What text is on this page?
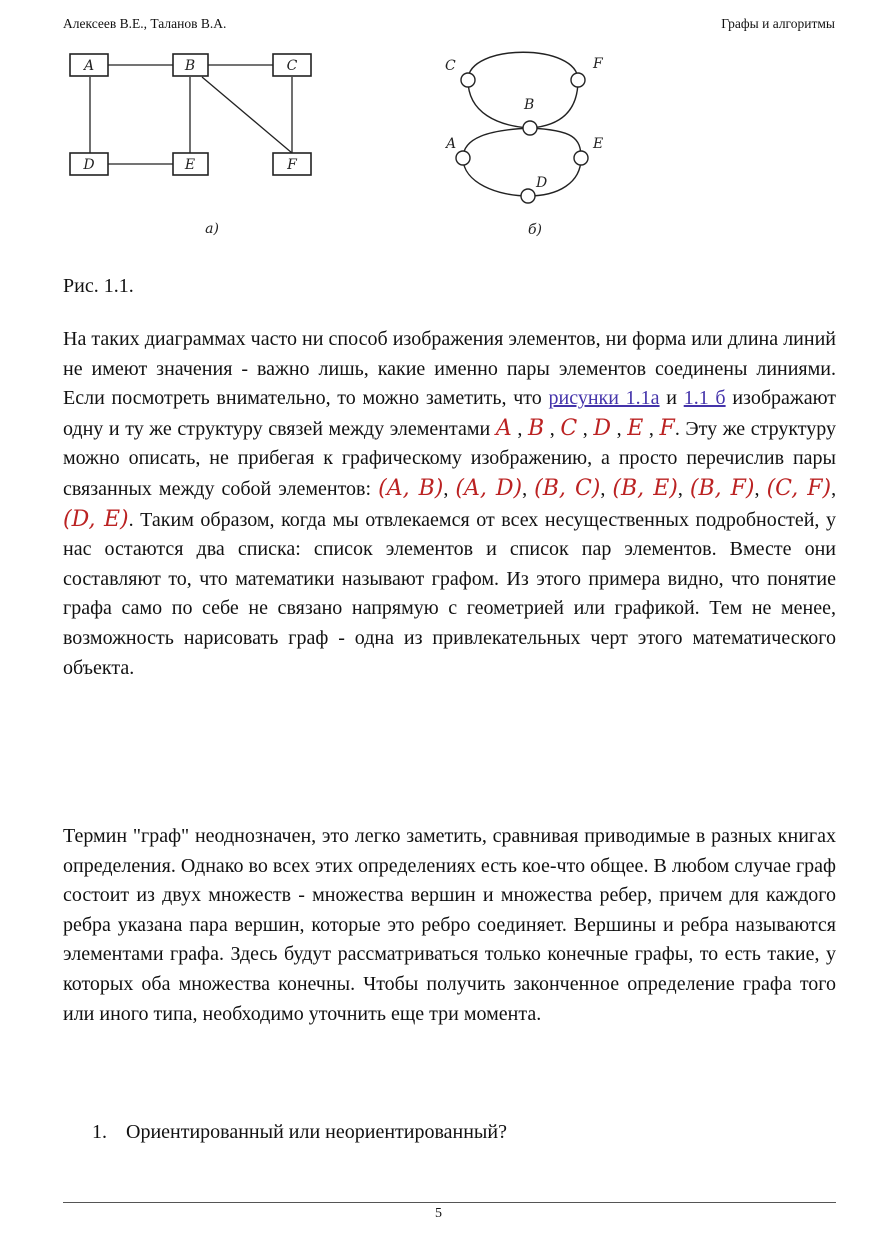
Алексеев В.Е., Таланов В.А.	Графы и алгоритмы
A	B	C
D	E	F
а)
C	F
B
A	E
D
б)
Рис. 1.1.

На таких диаграммах часто ни способ изображения элементов, ни форма или длина линий не имеют значения - важно лишь, какие именно пары элементов соединены линиями. Если посмотреть внимательно, то можно заметить, что рисунки 1.1а и 1.1 б изображают одну и ту же структуру связей между элементами A , B , C , D , E , F. Эту же структуру можно описать, не прибегая к графическому изображению, а просто перечислив пары связанных между собой элементов: (A, B), (A, D), (B, C), (B, E), (B, F), (C, F), (D, E). Таким образом, когда мы отвлекаемся от всех несущественных подробностей, у нас остаются два списка: список элементов и список пар элементов. Вместе они составляют то, что математики называют графом. Из этого примера видно, что понятие графа само по себе не связано напрямую с геометрией или графикой. Тем не менее, возможность нарисовать граф - одна из привлекательных черт этого математического объекта.

Термин "граф" неоднозначен, это легко заметить, сравнивая приводимые в разных книгах определения. Однако во всех этих определениях есть кое-что общее. В любом случае граф состоит из двух множеств - множества вершин и множества ребер, причем для каждого ребра указана пара вершин, которые это ребро соединяет. Вершины и ребра называются элементами графа. Здесь будут рассматриваться только конечные графы, то есть такие, у которых оба множества конечны. Чтобы получить законченное определение графа того или иного типа, необходимо уточнить еще три момента.

1. Ориентированный или неориентированный?
5
